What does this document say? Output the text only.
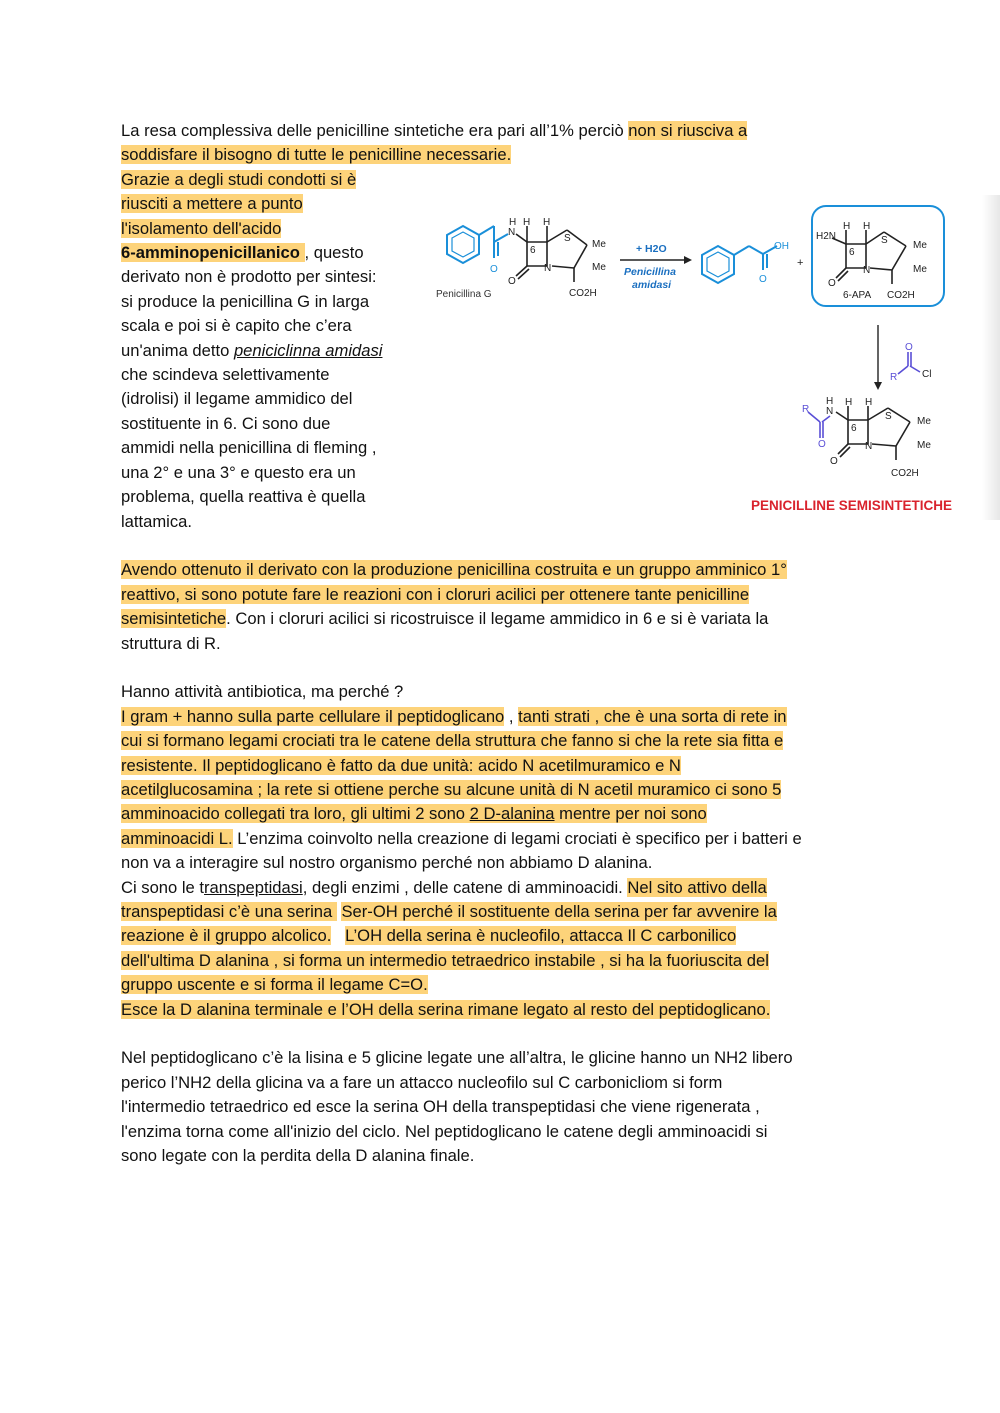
La resa complessiva delle penicilline sintetiche era pari all’1% perciò non si riusciva a

soddisfare il bisogno di tutte le penicilline necessarie.

Grazie a degli studi condotti si è

riusciti a mettere a punto

l'isolamento dell'acido

6-amminopenicillanico , questo

derivato non è prodotto per sintesi:

si produce la penicillina G in larga

scala e poi si è capito che c’era

un'anima detto peniciclinna amidasi

che scindeva selettivamente

(idrolisi) il legame ammidico del

sostituente in 6. Ci sono due

ammidi nella penicillina di fleming ,

una 2° e una 3° e questo era un

problema, quella reattiva è quella

lattamica.

Avendo ottenuto il derivato con la produzione penicillina costruita e un gruppo amminico 1°

reattivo, si sono potute fare le reazioni con i cloruri acilici per ottenere tante penicilline

semisintetiche. Con i cloruri acilici si ricostruisce il legame ammidico in 6 e si è variata la

struttura di R.

Hanno attività antibiotica, ma perché ?

I gram + hanno sulla parte cellulare il peptidoglicano , tanti strati , che è una sorta di rete in

cui si formano legami crociati tra le catene della struttura che fanno si che la rete sia fitta e

resistente. Il peptidoglicano è fatto da due unità: acido N acetilmuramico e N

acetilglucosamina ; la rete si ottiene perche su alcune unità di N acetil muramico ci sono 5

amminoacido collegati tra loro, gli ultimi 2 sono 2 D-alanina mentre per noi sono

amminoacidi L. L’enzima coinvolto nella creazione di legami crociati è specifico per i batteri e

non va a interagire sul nostro organismo perché non abbiamo D alanina.

Ci sono le transpeptidasi, degli enzimi , delle catene di amminoacidi. Nel sito attivo della

transpeptidasi c’è una serina  Ser-OH perché il sostituente della serina per far avvenire la

reazione è il gruppo alcolico. L’OH della serina è nucleofilo, attacca Il C carbonilico

dell'ultima D alanina , si forma un intermedio tetraedrico instabile , si ha la fuoriuscita del

gruppo uscente e si forma il legame C=O.

Esce la D alanina terminale e l’OH della serina rimane legato al resto del peptidoglicano.

Nel peptidoglicano c’è la lisina e 5 glicine legate une all’altra, le glicine hanno un NH2 libero

perico l’NH2 della glicina va a fare un attacco nucleofilo sul C carbonicliom si form

l'intermedio tetraedrico ed esce la serina OH della transpeptidasi che viene rigenerata ,

l'enzima torna come all'inizio del ciclo. Nel peptidoglicano le catene degli amminoacidi si

sono legate con la perdita della D alanina finale.

O
N
H H H
6
N
S
Me
Me
O
CO2H
Penicillina G
+ H2O
Penicillina
amidasi
OH
O
+
H2N
H H
6
N
S	Me
Me
O
CO2H
6-APA
O
R Cl
R
O
N
H H H
6
N
S	Me
Me
O
CO2H
PENICILLINE SEMISINTETICHE
